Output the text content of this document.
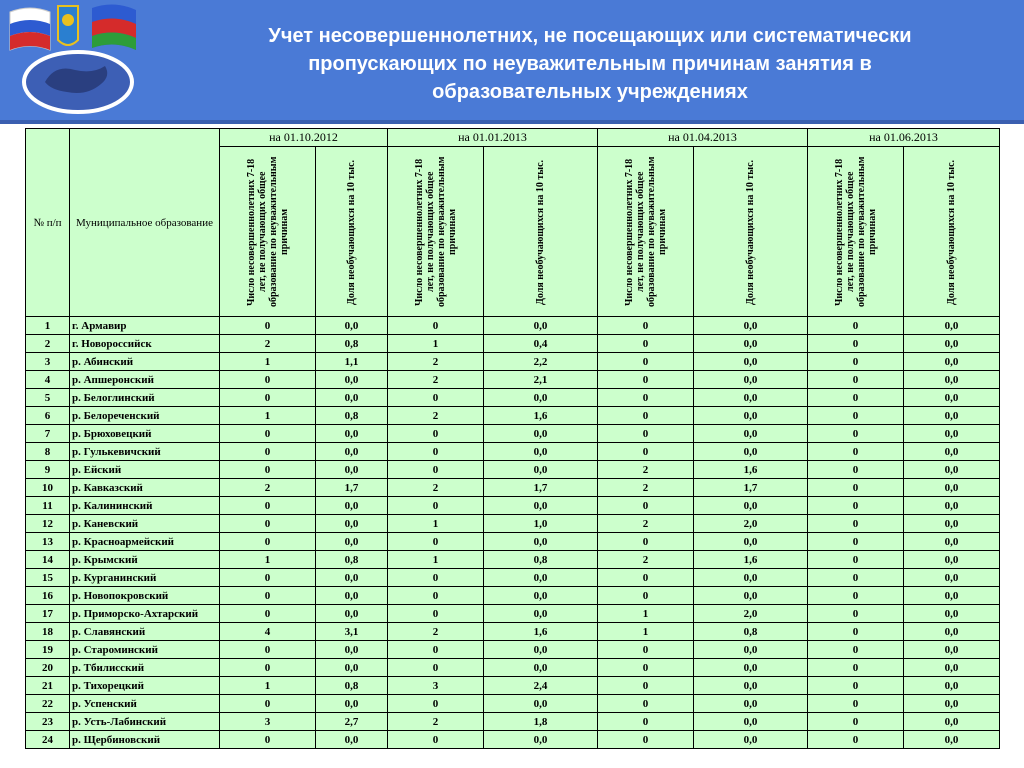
Учет несовершеннолетних, не посещающих или систематически
пропускающих по неуважительным причинам занятия в
образовательных учреждениях
№ п/п	Муниципальное образование	на 01.10.2012		на 01.01.2013		на 01.04.2013		на 01.06.2013	

		Число несовершеннолетних 7-18 лет, не получающих общее образование по неуважительным причинам	Доля необучающихся на 10 тыс.	Число несовершеннолетних 7-18 лет, не получающих общее образование по неуважительным причинам	Доля необучающихся на 10 тыс.	Число несовершеннолетних 7-18 лет, не получающих общее образование по неуважительным причинам	Доля необучающихся на 10 тыс.	Число несовершеннолетних 7-18 лет, не получающих общее образование по неуважительным причинам	Доля необучающихся на 10 тыс.

1	г. Армавир	0	0,0	0	0,0	0	0,0	0	0,0
2	г. Новороссийск	2	0,8	1	0,4	0	0,0	0	0,0
3	р. Абинский	1	1,1	2	2,2	0	0,0	0	0,0
4	р. Апшеронский	0	0,0	2	2,1	0	0,0	0	0,0
5	р. Белоглинский	0	0,0	0	0,0	0	0,0	0	0,0
6	р. Белореченский	1	0,8	2	1,6	0	0,0	0	0,0
7	р. Брюховецкий	0	0,0	0	0,0	0	0,0	0	0,0
8	р. Гулькевичский	0	0,0	0	0,0	0	0,0	0	0,0
9	р. Ейский	0	0,0	0	0,0	2	1,6	0	0,0
10	р. Кавказский	2	1,7	2	1,7	2	1,7	0	0,0
11	р. Калининский	0	0,0	0	0,0	0	0,0	0	0,0
12	р. Каневский	0	0,0	1	1,0	2	2,0	0	0,0
13	р. Красноармейский	0	0,0	0	0,0	0	0,0	0	0,0
14	р. Крымский	1	0,8	1	0,8	2	1,6	0	0,0
15	р. Курганинский	0	0,0	0	0,0	0	0,0	0	0,0
16	р. Новопокровский	0	0,0	0	0,0	0	0,0	0	0,0
17	р. Приморско-Ахтарский	0	0,0	0	0,0	1	2,0	0	0,0
18	р. Славянский	4	3,1	2	1,6	1	0,8	0	0,0
19	р. Староминский	0	0,0	0	0,0	0	0,0	0	0,0
20	р. Тбилисский	0	0,0	0	0,0	0	0,0	0	0,0
21	р. Тихорецкий	1	0,8	3	2,4	0	0,0	0	0,0
22	р. Успенский	0	0,0	0	0,0	0	0,0	0	0,0
23	р. Усть-Лабинский	3	2,7	2	1,8	0	0,0	0	0,0
24	р. Щербиновский	0	0,0	0	0,0	0	0,0	0	0,0
